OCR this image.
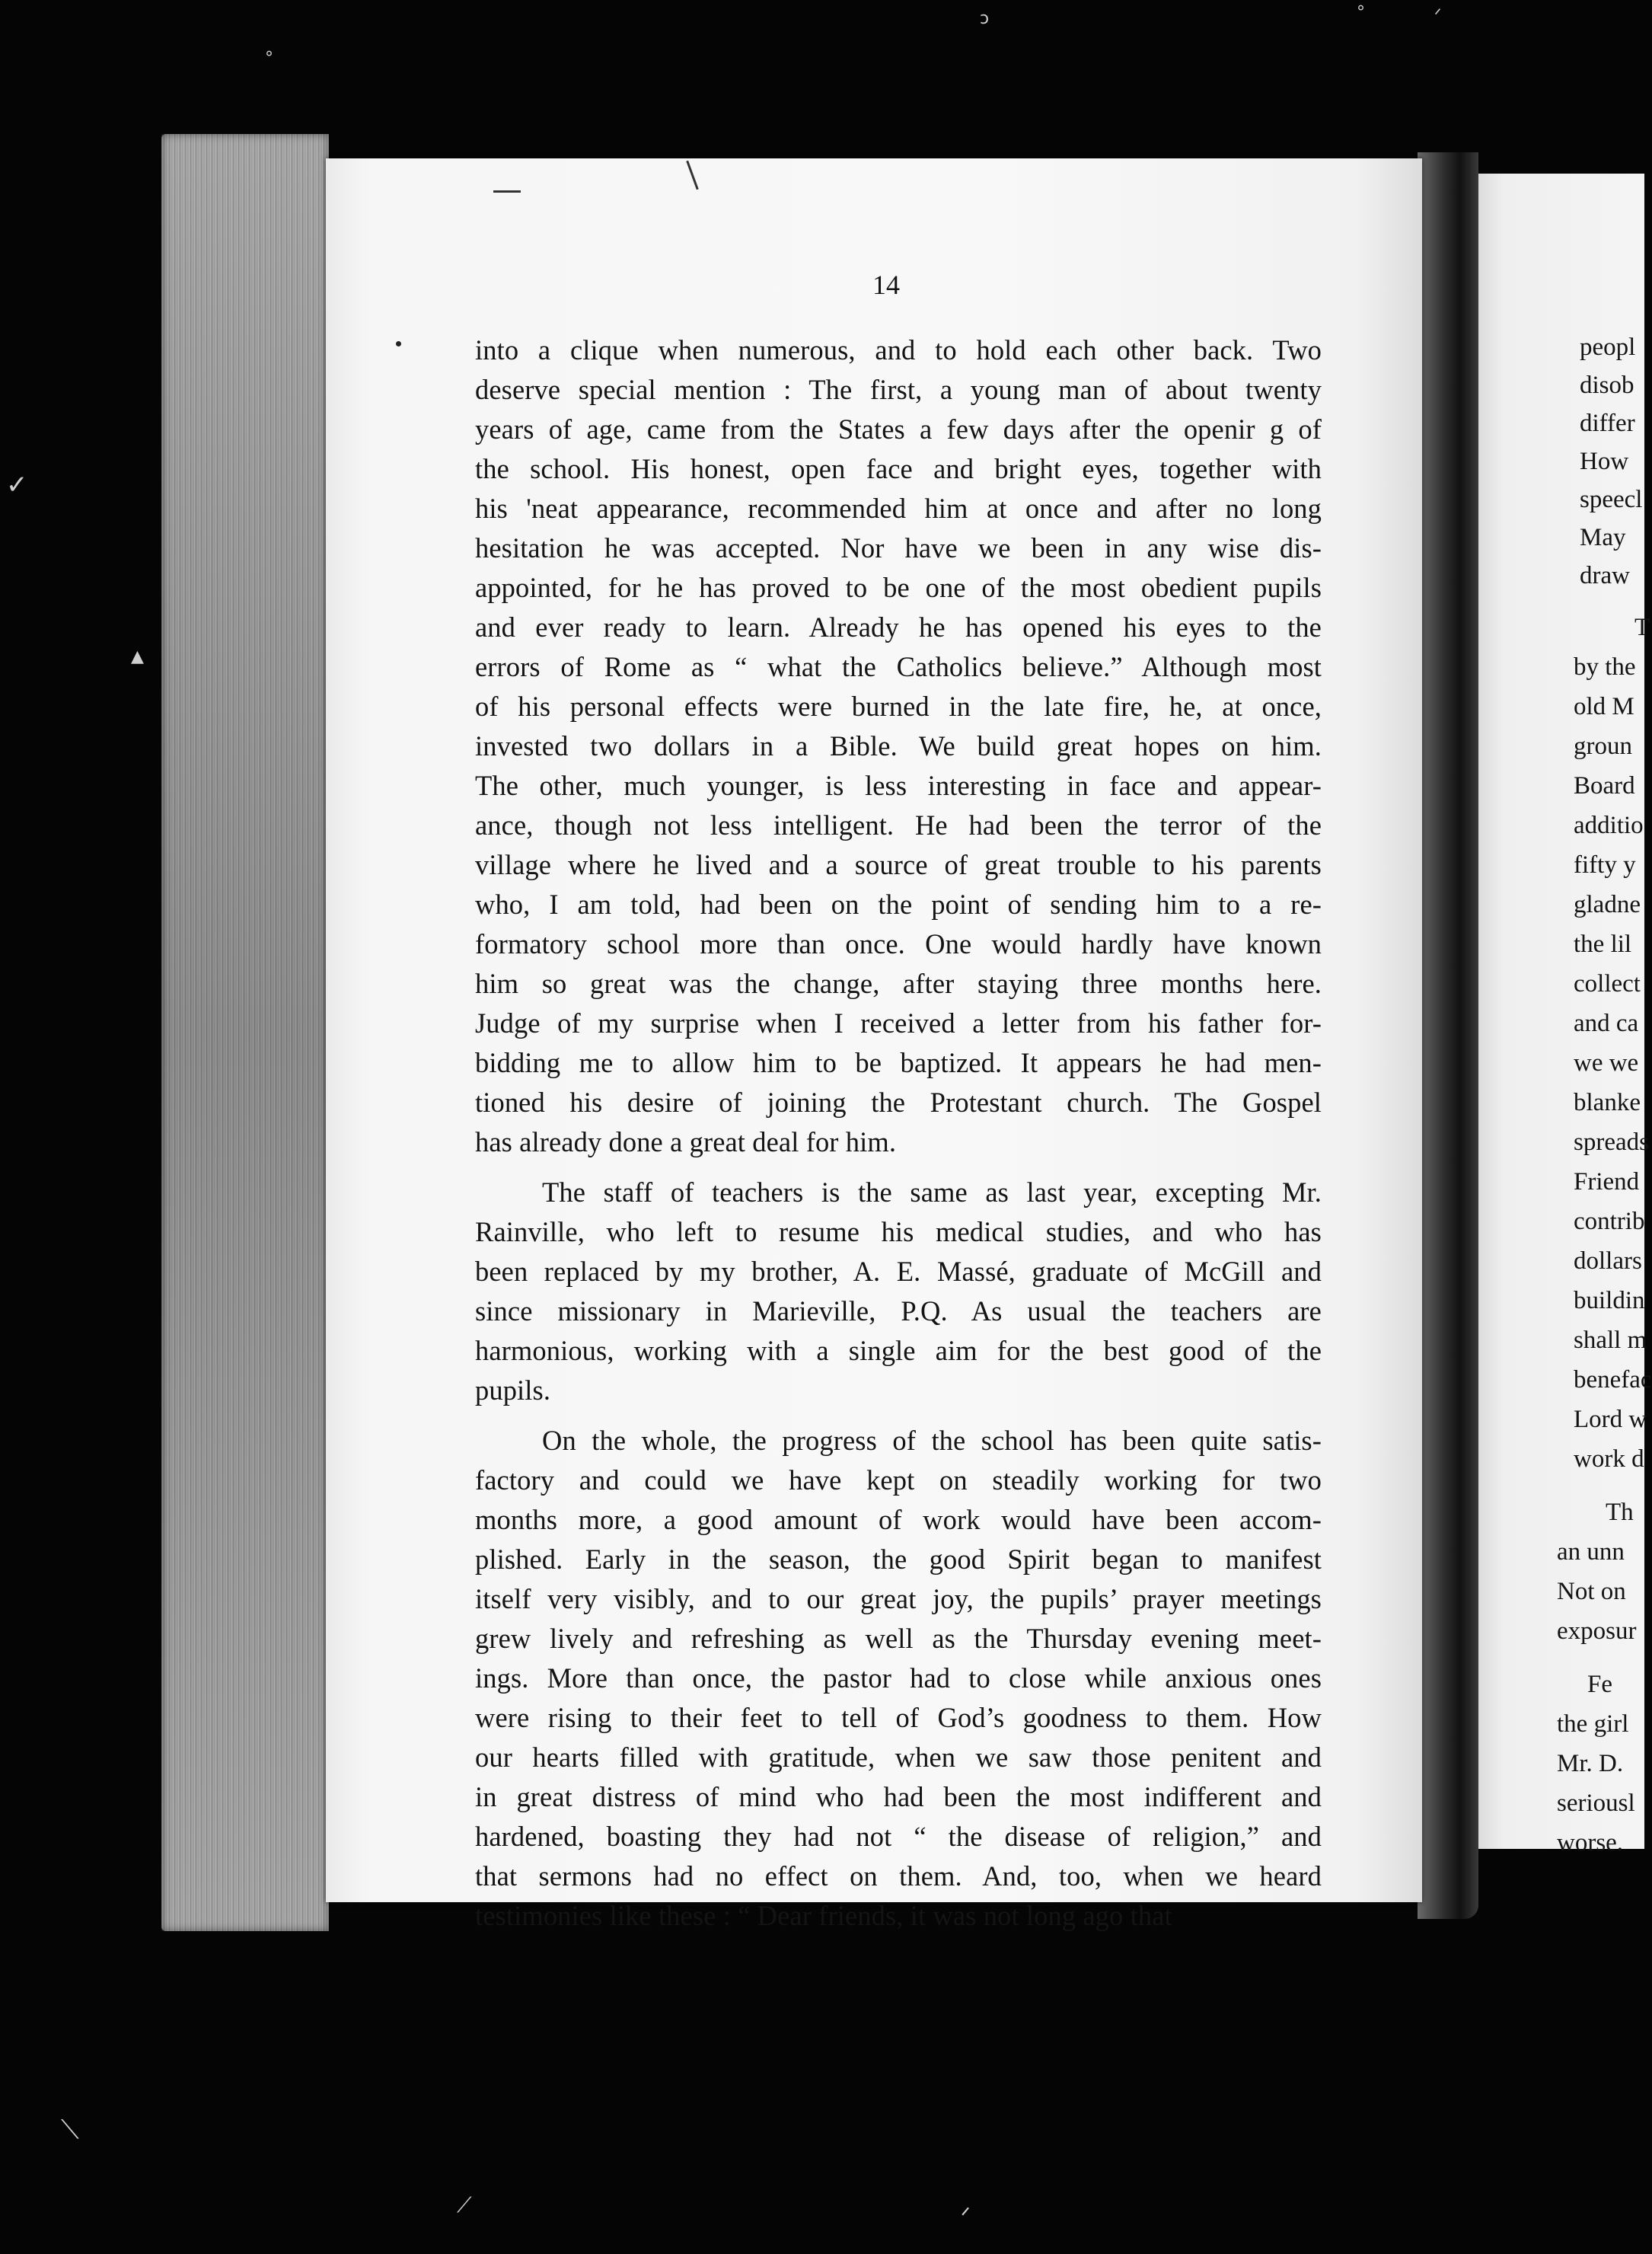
ɔ	°	ᐟ
°
✓
▲
⟍
⟋	ᐟ
peopl
disob
differ
How
speecl
May
draw
T
by the
old M
groun
Board
additio
fifty y
gladne
the lil
collect
and ca
we we
blanke
spreads
Friend
contrib
dollars
buildin
shall m
benefac
Lord w
work d
Th
an unn
Not on
exposur
Fe
the girl
Mr. D.
seriousl
worse.
14
into a clique when numerous, and to hold each other back. Two
deserve special mention : The first, a young man of about twenty
years of age, came from the States a few days after the openir g of
the school. His honest, open face and bright eyes, together with
his 'neat appearance, recommended him at once and after no long
hesitation he was accepted. Nor have we been in any wise dis-
appointed, for he has proved to be one of the most obedient pupils
and ever ready to learn. Already he has opened his eyes to the
errors of Rome as “ what the Catholics believe.” Although most
of his personal effects were burned in the late fire, he, at once,
invested two dollars in a Bible. We build great hopes on him.
The other, much younger, is less interesting in face and appear-
ance, though not less intelligent. He had been the terror of the
village where he lived and a source of great trouble to his parents
who, I am told, had been on the point of sending him to a re-
formatory school more than once. One would hardly have known
him so great was the change, after staying three months here.
Judge of my surprise when I received a letter from his father for-
bidding me to allow him to be baptized. It appears he had men-
tioned his desire of joining the Protestant church. The Gospel
has already done a great deal for him.
The staff of teachers is the same as last year, excepting Mr.
Rainville, who left to resume his medical studies, and who has
been replaced by my brother, A. E. Massé, graduate of McGill and
since missionary in Marieville, P.Q. As usual the teachers are
harmonious, working with a single aim for the best good of the
pupils.
On the whole, the progress of the school has been quite satis-
factory and could we have kept on steadily working for two
months more, a good amount of work would have been accom-
plished. Early in the season, the good Spirit began to manifest
itself very visibly, and to our great joy, the pupils’ prayer meetings
grew lively and refreshing as well as the Thursday evening meet-
ings. More than once, the pastor had to close while anxious ones
were rising to their feet to tell of God’s goodness to them. How
our hearts filled with gratitude, when we saw those penitent and
in great distress of mind who had been the most indifferent and
hardened, boasting they had not “ the disease of religion,” and
that sermons had no effect on them. And, too, when we heard
testimonies like these : “ Dear friends, it was not long ago that
